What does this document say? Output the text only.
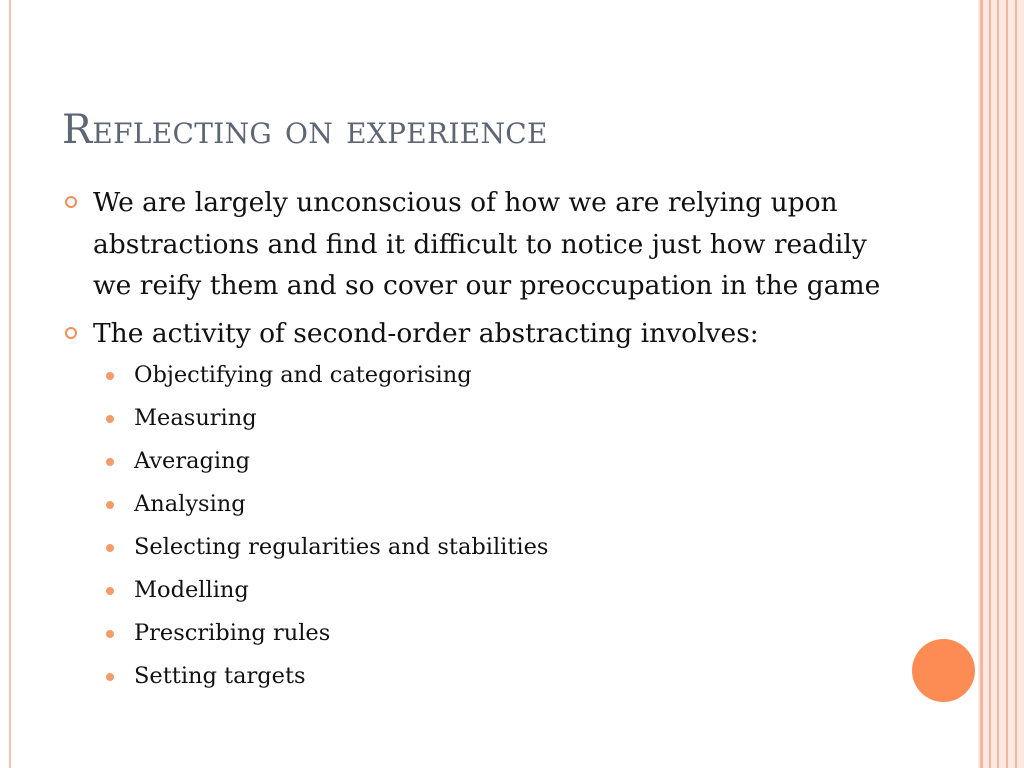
Reflecting on experience
We are largely unconscious of how we are relying upon abstractions and find it difficult to notice just how readily we reify them and so cover our preoccupation in the game
The activity of second-order abstracting involves:
Objectifying and categorising
Measuring
Averaging
Analysing
Selecting regularities and stabilities
Modelling
Prescribing rules
Setting targets
